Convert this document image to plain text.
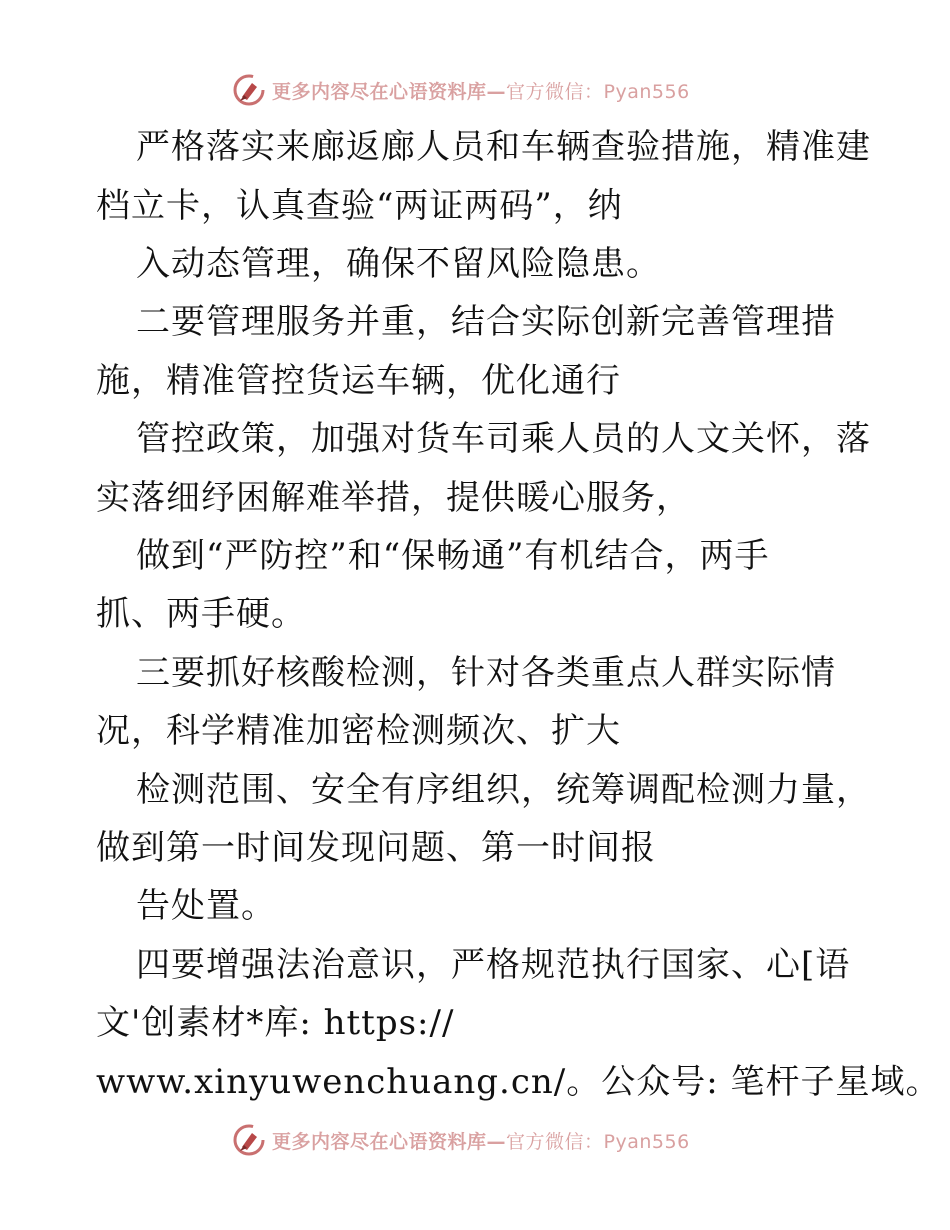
更多内容尽在心语资料库—官方微信：Pyan556
严格落实来廊返廊人员和车辆查验措施，精准建
档立卡，认真查验“两证两码”，纳
入动态管理，确保不留风险隐患。
二要管理服务并重，结合实际创新完善管理措
施，精准管控货运车辆，优化通行
管控政策，加强对货车司乘人员的人文关怀，落
实落细纾困解难举措，提供暖心服务，
做到“严防控”和“保畅通”有机结合，两手
抓、两手硬。
三要抓好核酸检测，针对各类重点人群实际情
况，科学精准加密检测频次、扩大
检测范围、安全有序组织，统筹调配检测力量，
做到第一时间发现问题、第一时间报
告处置。
四要增强法治意识，严格规范执行国家、心[语
文'创素材*库: https://
www.xinyuwenchuang.cn/。公众号: 笔杆子星域。
更多内容尽在心语资料库—官方微信：Pyan556
